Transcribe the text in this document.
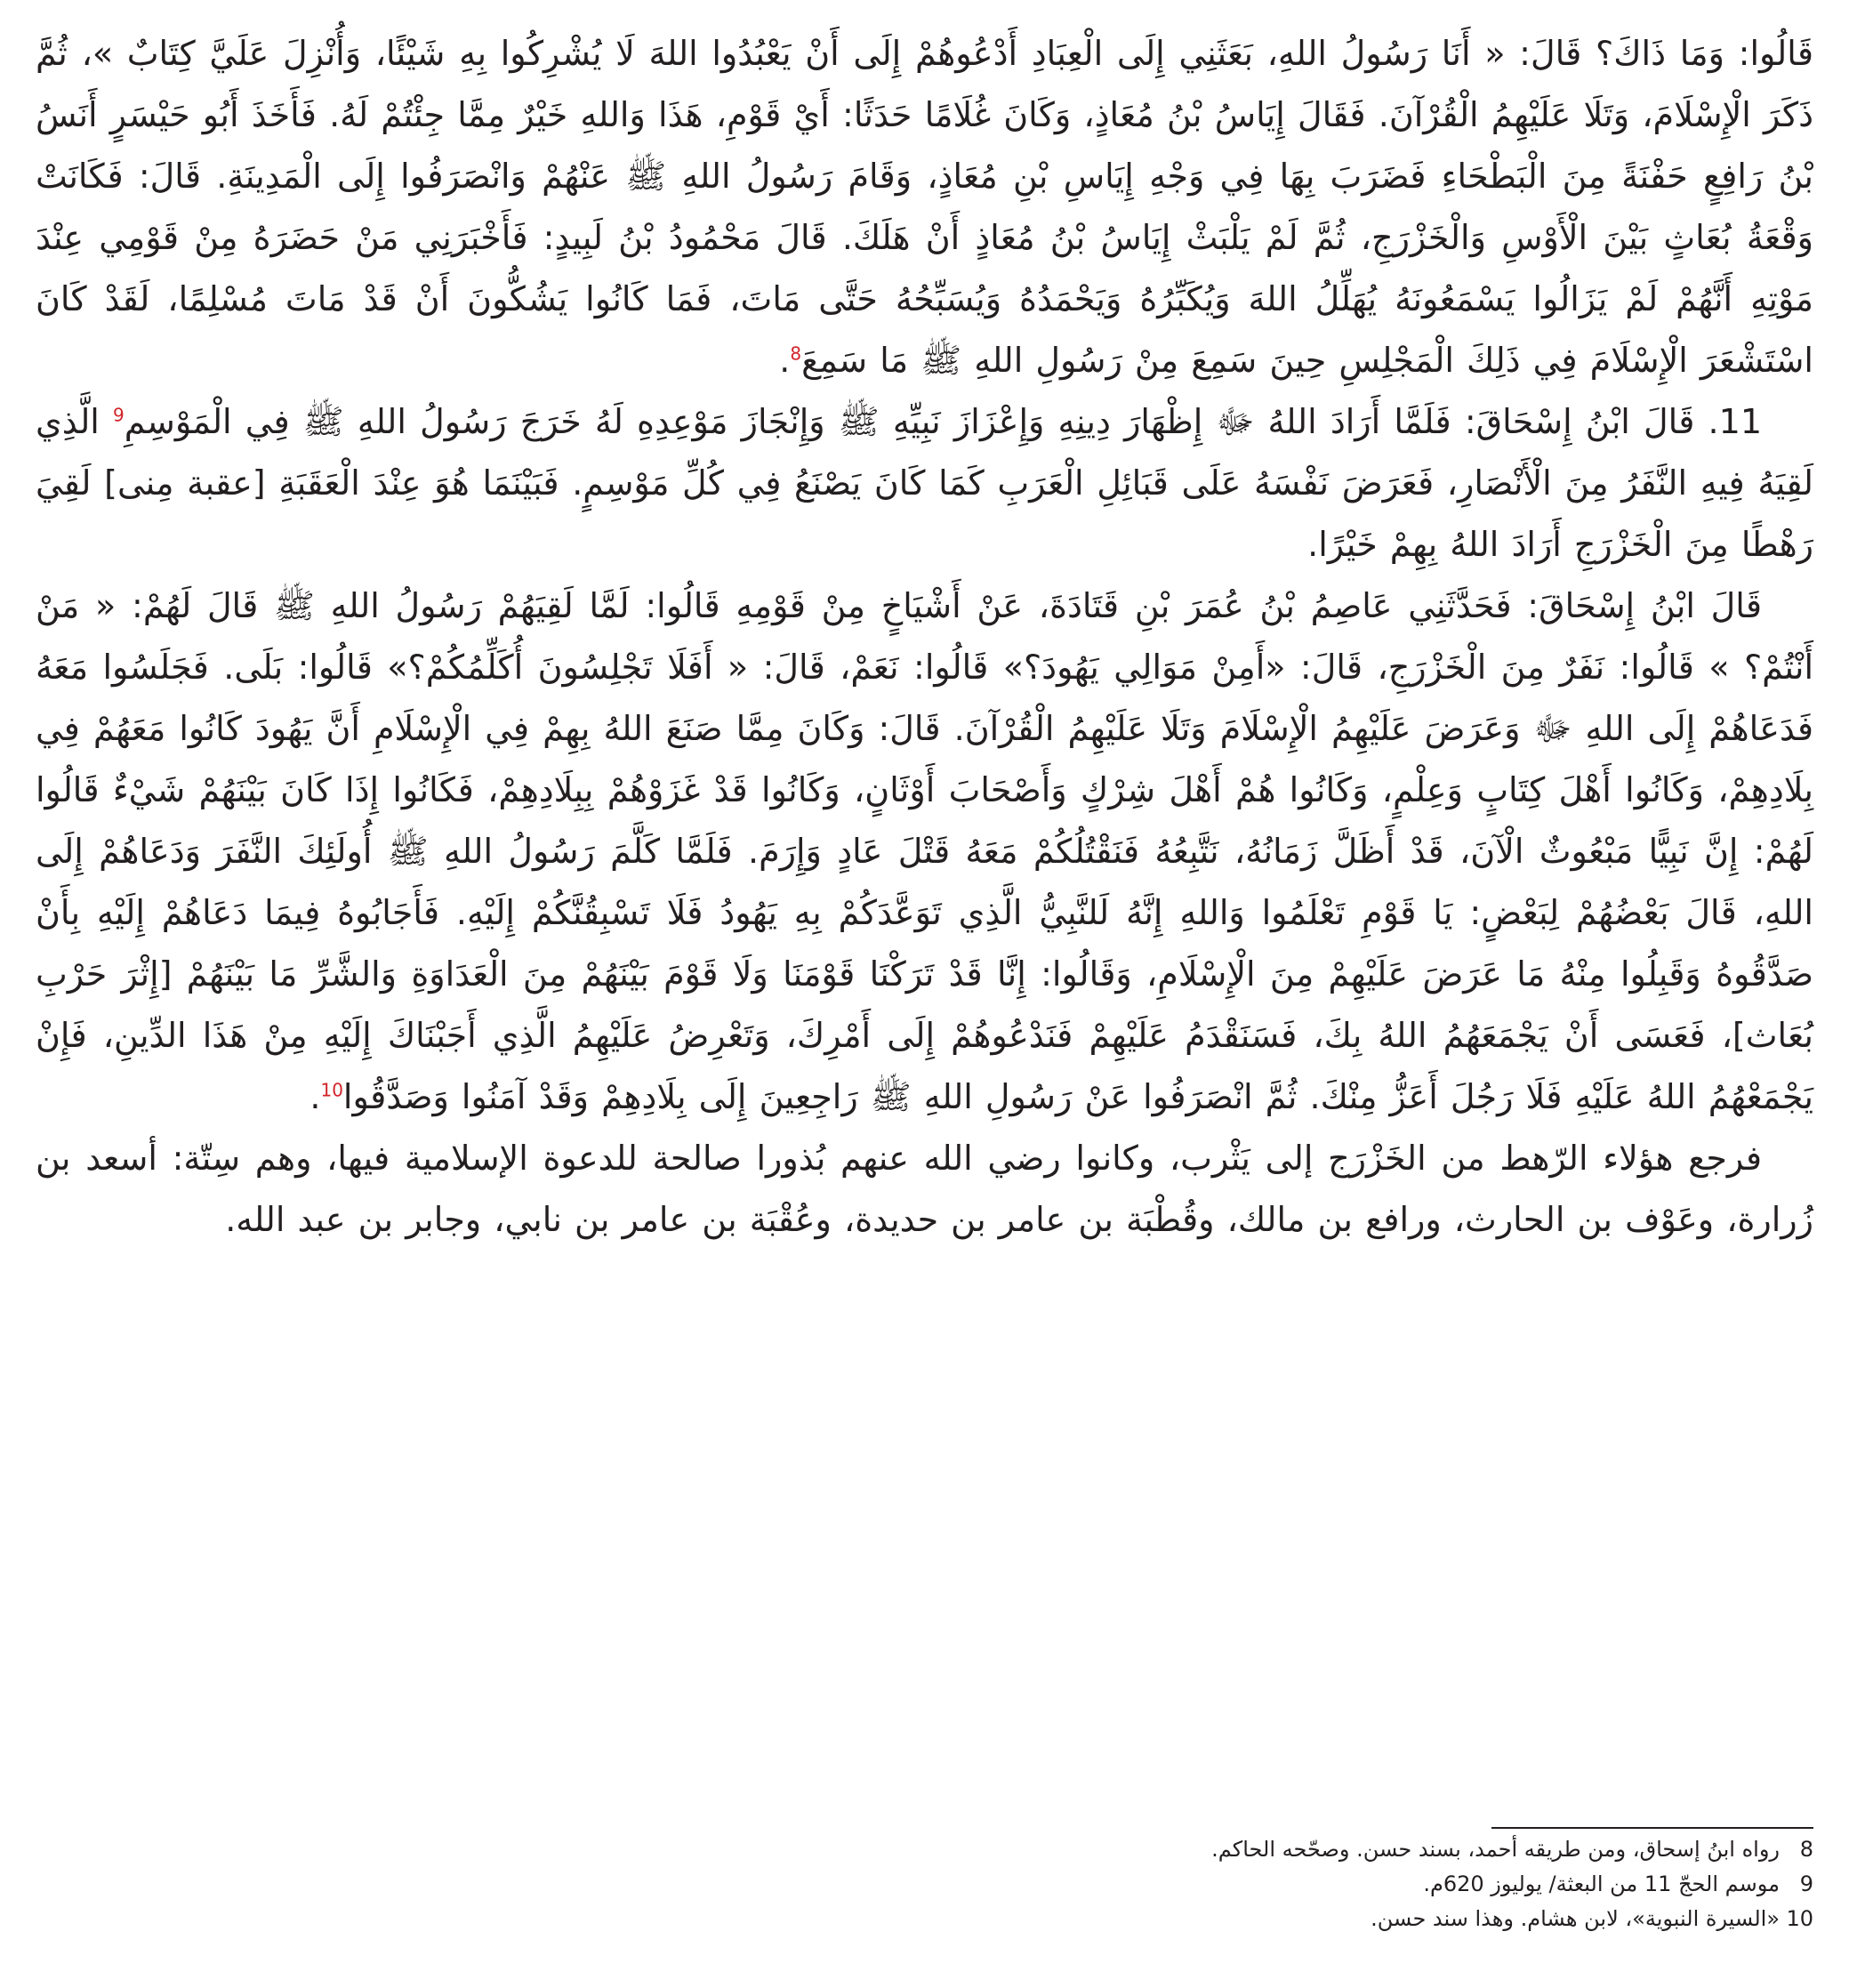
قَالُوا: وَمَا ذَاكَ؟ قَالَ: « أَنَا رَسُولُ اللهِ، بَعَثَنِي إِلَى الْعِبَادِ أَدْعُوهُمْ إِلَى أَنْ يَعْبُدُوا اللهَ لَا يُشْرِكُوا بِهِ شَيْئًا، وَأُنْزِلَ عَلَيَّ كِتَابٌ »، ثُمَّ ذَكَرَ الْإِسْلَامَ، وَتَلَا عَلَيْهِمُ الْقُرْآنَ. فَقَالَ إِيَاسُ بْنُ مُعَاذٍ، وَكَانَ غُلَامًا حَدَثًا: أَيْ قَوْمِ، هَذَا وَاللهِ خَيْرٌ مِمَّا جِئْتُمْ لَهُ. فَأَخَذَ أَبُو حَيْسَرٍ أَنَسُ بْنُ رَافِعٍ حَفْنَةً مِنَ الْبَطْحَاءِ فَضَرَبَ بِهَا فِي وَجْهِ إِيَاسِ بْنِ مُعَاذٍ، وَقَامَ رَسُولُ اللهِ ﷺ عَنْهُمْ وَانْصَرَفُوا إِلَى الْمَدِينَةِ. قَالَ: فَكَانَتْ وَقْعَةُ بُعَاثٍ بَيْنَ الْأَوْسِ وَالْخَزْرَجِ، ثُمَّ لَمْ يَلْبَثْ إِيَاسُ بْنُ مُعَاذٍ أَنْ هَلَكَ. قَالَ مَحْمُودُ بْنُ لَبِيدٍ: فَأَخْبَرَنِي مَنْ حَضَرَهُ مِنْ قَوْمِي عِنْدَ مَوْتِهِ أَنَّهُمْ لَمْ يَزَالُوا يَسْمَعُونَهُ يُهَلِّلُ اللهَ وَيُكَبِّرُهُ وَيَحْمَدُهُ وَيُسَبِّحُهُ حَتَّى مَاتَ، فَمَا كَانُوا يَشُكُّونَ أَنْ قَدْ مَاتَ مُسْلِمًا، لَقَدْ كَانَ اسْتَشْعَرَ الْإِسْلَامَ فِي ذَلِكَ الْمَجْلِسِ حِينَ سَمِعَ مِنْ رَسُولِ اللهِ ﷺ مَا سَمِعَ$^8$.

11. قَالَ ابْنُ إِسْحَاقَ: فَلَمَّا أَرَادَ اللهُ ﷻ إِظْهَارَ دِينِهِ وَإِعْزَازَ نَبِيِّهِ ﷺ وَإِنْجَازَ مَوْعِدِهِ لَهُ خَرَجَ رَسُولُ اللهِ ﷺ فِي الْمَوْسِمِ$^9$ الَّذِي لَقِيَهُ فِيهِ النَّفَرُ مِنَ الْأَنْصَارِ، فَعَرَضَ نَفْسَهُ عَلَى قَبَائِلِ الْعَرَبِ كَمَا كَانَ يَصْنَعُ فِي كُلِّ مَوْسِمٍ. فَبَيْنَمَا هُوَ عِنْدَ الْعَقَبَةِ [عقبة مِنى] لَقِيَ رَهْطًا مِنَ الْخَزْرَجِ أَرَادَ اللهُ بِهِمْ خَيْرًا.

قَالَ ابْنُ إِسْحَاقَ: فَحَدَّثَنِي عَاصِمُ بْنُ عُمَرَ بْنِ قَتَادَةَ، عَنْ أَشْيَاخٍ مِنْ قَوْمِهِ قَالُوا: لَمَّا لَقِيَهُمْ رَسُولُ اللهِ ﷺ قَالَ لَهُمْ: « مَنْ أَنْتُمْ؟ » قَالُوا: نَفَرٌ مِنَ الْخَزْرَجِ، قَالَ: «أَمِنْ مَوَالِي يَهُودَ؟» قَالُوا: نَعَمْ، قَالَ: « أَفَلَا تَجْلِسُونَ أُكَلِّمُكُمْ؟» قَالُوا: بَلَى. فَجَلَسُوا مَعَهُ فَدَعَاهُمْ إِلَى اللهِ ﷻ وَعَرَضَ عَلَيْهِمُ الْإِسْلَامَ وَتَلَا عَلَيْهِمُ الْقُرْآنَ. قَالَ: وَكَانَ مِمَّا صَنَعَ اللهُ بِهِمْ فِي الْإِسْلَامِ أَنَّ يَهُودَ كَانُوا مَعَهُمْ فِي بِلَادِهِمْ، وَكَانُوا أَهْلَ كِتَابٍ وَعِلْمٍ، وَكَانُوا هُمْ أَهْلَ شِرْكٍ وَأَصْحَابَ أَوْثَانٍ، وَكَانُوا قَدْ غَزَوْهُمْ بِبِلَادِهِمْ، فَكَانُوا إِذَا كَانَ بَيْنَهُمْ شَيْءٌ قَالُوا لَهُمْ: إِنَّ نَبِيًّا مَبْعُوثٌ الْآنَ، قَدْ أَظَلَّ زَمَانُهُ، نَتَّبِعُهُ فَنَقْتُلُكُمْ مَعَهُ قَتْلَ عَادٍ وَإِرَمَ. فَلَمَّا كَلَّمَ رَسُولُ اللهِ ﷺ أُولَئِكَ النَّفَرَ وَدَعَاهُمْ إِلَى اللهِ، قَالَ بَعْضُهُمْ لِبَعْضٍ: يَا قَوْمِ تَعْلَمُوا وَاللهِ إِنَّهُ لَلنَّبِيُّ الَّذِي تَوَعَّدَكُمْ بِهِ يَهُودُ فَلَا تَسْبِقُنَّكُمْ إِلَيْهِ. فَأَجَابُوهُ فِيمَا دَعَاهُمْ إِلَيْهِ بِأَنْ صَدَّقُوهُ وَقَبِلُوا مِنْهُ مَا عَرَضَ عَلَيْهِمْ مِنَ الْإِسْلَامِ، وَقَالُوا: إِنَّا قَدْ تَرَكْنَا قَوْمَنَا وَلَا قَوْمَ بَيْنَهُمْ مِنَ الْعَدَاوَةِ وَالشَّرِّ مَا بَيْنَهُمْ [إِثْرَ حَرْبِ بُعَاث]، فَعَسَى أَنْ يَجْمَعَهُمُ اللهُ بِكَ، فَسَنَقْدَمُ عَلَيْهِمْ فَنَدْعُوهُمْ إِلَى أَمْرِكَ، وَتَعْرِضُ عَلَيْهِمُ الَّذِي أَجَبْنَاكَ إِلَيْهِ مِنْ هَذَا الدِّينِ، فَإِنْ يَجْمَعْهُمُ اللهُ عَلَيْهِ فَلَا رَجُلَ أَعَزُّ مِنْكَ. ثُمَّ انْصَرَفُوا عَنْ رَسُولِ اللهِ ﷺ رَاجِعِينَ إِلَى بِلَادِهِمْ وَقَدْ آمَنُوا وَصَدَّقُوا$^{10}$.

فرجع هؤلاء الرّهط من الخَزْرَج إلى يَثْرب، وكانوا رضي الله عنهم بُذورا صالحة للدعوة الإسلامية فيها، وهم سِتّة: أسعد بن زُرارة، وعَوْف بن الحارث، ورافع بن مالك، وقُطْبَة بن عامر بن حديدة، وعُقْبَة بن عامر بن نابي، وجابر بن عبد الله.

8رواه ابنُ إسحاق، ومن طريقه أحمد، بسند حسن. وصحّحه الحاكم.
9موسم الحجّ 11 من البعثة/ يوليوز 620م.
10«السيرة النبوية»، لابن هشام. وهذا سند حسن.
